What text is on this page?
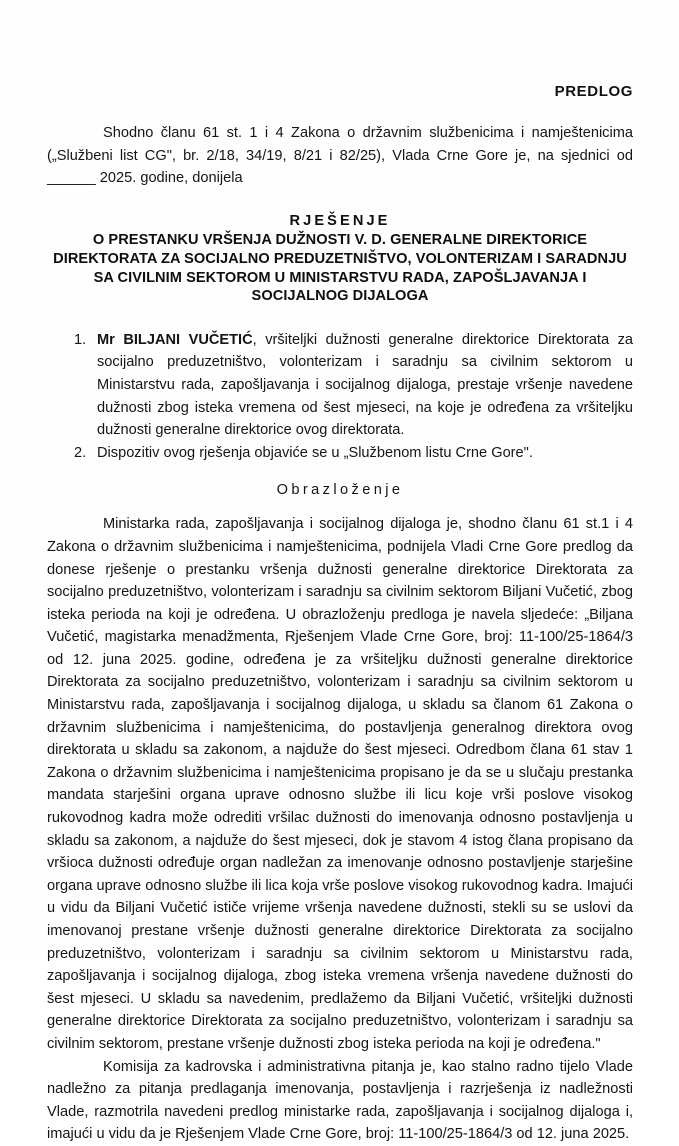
PREDLOG

Shodno članu 61 st. 1 i 4 Zakona o državnim službenicima i namještenicima („Službeni list CG", br. 2/18, 34/19, 8/21 i 82/25), Vlada Crne Gore je, na sjednici od ______ 2025. godine, donijela

RJEŠENJE
O PRESTANKU VRŠENJA DUŽNOSTI V. D. GENERALNE DIREKTORICE DIREKTORATA ZA SOCIJALNO PREDUZETNIŠTVO, VOLONTERIZAM I SARADNJU SA CIVILNIM SEKTOROM U MINISTARSTVU RADA, ZAPOŠLJAVANJA I SOCIJALNOG DIJALOGA
1. Mr BILJANI VUČETIĆ, vršiteljki dužnosti generalne direktorice Direktorata za socijalno preduzetništvo, volonterizam i saradnju sa civilnim sektorom u Ministarstvu rada, zapošljavanja i socijalnog dijaloga, prestaje vršenje navedene dužnosti zbog isteka vremena od šest mjeseci, na koje je određena za vršiteljku dužnosti generalne direktorice ovog direktorata.
2. Dispozitiv ovog rješenja objaviće se u „Službenom listu Crne Gore".
Obrazloženje

Ministarka rada, zapošljavanja i socijalnog dijaloga je, shodno članu 61 st.1 i 4 Zakona o državnim službenicima i namještenicima, podnijela Vladi Crne Gore predlog da donese rješenje o prestanku vršenja dužnosti generalne direktorice Direktorata za socijalno preduzetništvo, volonterizam i saradnju sa civilnim sektorom Biljani Vučetić, zbog isteka perioda na koji je određena. U obrazloženju predloga je navela sljedeće: „Biljana Vučetić, magistarka menadžmenta, Rješenjem Vlade Crne Gore, broj: 11-100/25-1864/3 od 12. juna 2025. godine, određena je za vršiteljku dužnosti generalne direktorice Direktorata za socijalno preduzetništvo, volonterizam i saradnju sa civilnim sektorom u Ministarstvu rada, zapošljavanja i socijalnog dijaloga, u skladu sa članom 61 Zakona o državnim službenicima i namještenicima, do postavljenja generalnog direktora ovog direktorata u skladu sa zakonom, a najduže do šest mjeseci. Odredbom člana 61 stav 1 Zakona o državnim službenicima i namještenicima propisano je da se u slučaju prestanka mandata starješini organa uprave odnosno službe ili licu koje vrši poslove visokog rukovodnog kadra može odrediti vršilac dužnosti do imenovanja odnosno postavljenja u skladu sa zakonom, a najduže do šest mjeseci, dok je stavom 4 istog člana propisano da vršioca dužnosti određuje organ nadležan za imenovanje odnosno postavljenje starješine organa uprave odnosno službe ili lica koja vrše poslove visokog rukovodnog kadra. Imajući u vidu da Biljani Vučetić ističe vrijeme vršenja navedene dužnosti, stekli su se uslovi da imenovanoj prestane vršenje dužnosti generalne direktorice Direktorata za socijalno preduzetništvo, volonterizam i saradnju sa civilnim sektorom u Ministarstvu rada, zapošljavanja i socijalnog dijaloga, zbog isteka vremena vršenja navedene dužnosti do šest mjeseci. U skladu sa navedenim, predlažemo da Biljani Vučetić, vršiteljki dužnosti generalne direktorice Direktorata za socijalno preduzetništvo, volonterizam i saradnju sa civilnim sektorom, prestane vršenje dužnosti zbog isteka perioda na koji je određena."

Komisija za kadrovska i administrativna pitanja je, kao stalno radno tijelo Vlade nadležno za pitanja predlaganja imenovanja, postavljenja i razrješenja iz nadležnosti Vlade, razmotrila navedeni predlog ministarke rada, zapošljavanja i socijalnog dijaloga i, imajući u vidu da je Rješenjem Vlade Crne Gore, broj: 11-100/25-1864/3 od 12. juna 2025.
